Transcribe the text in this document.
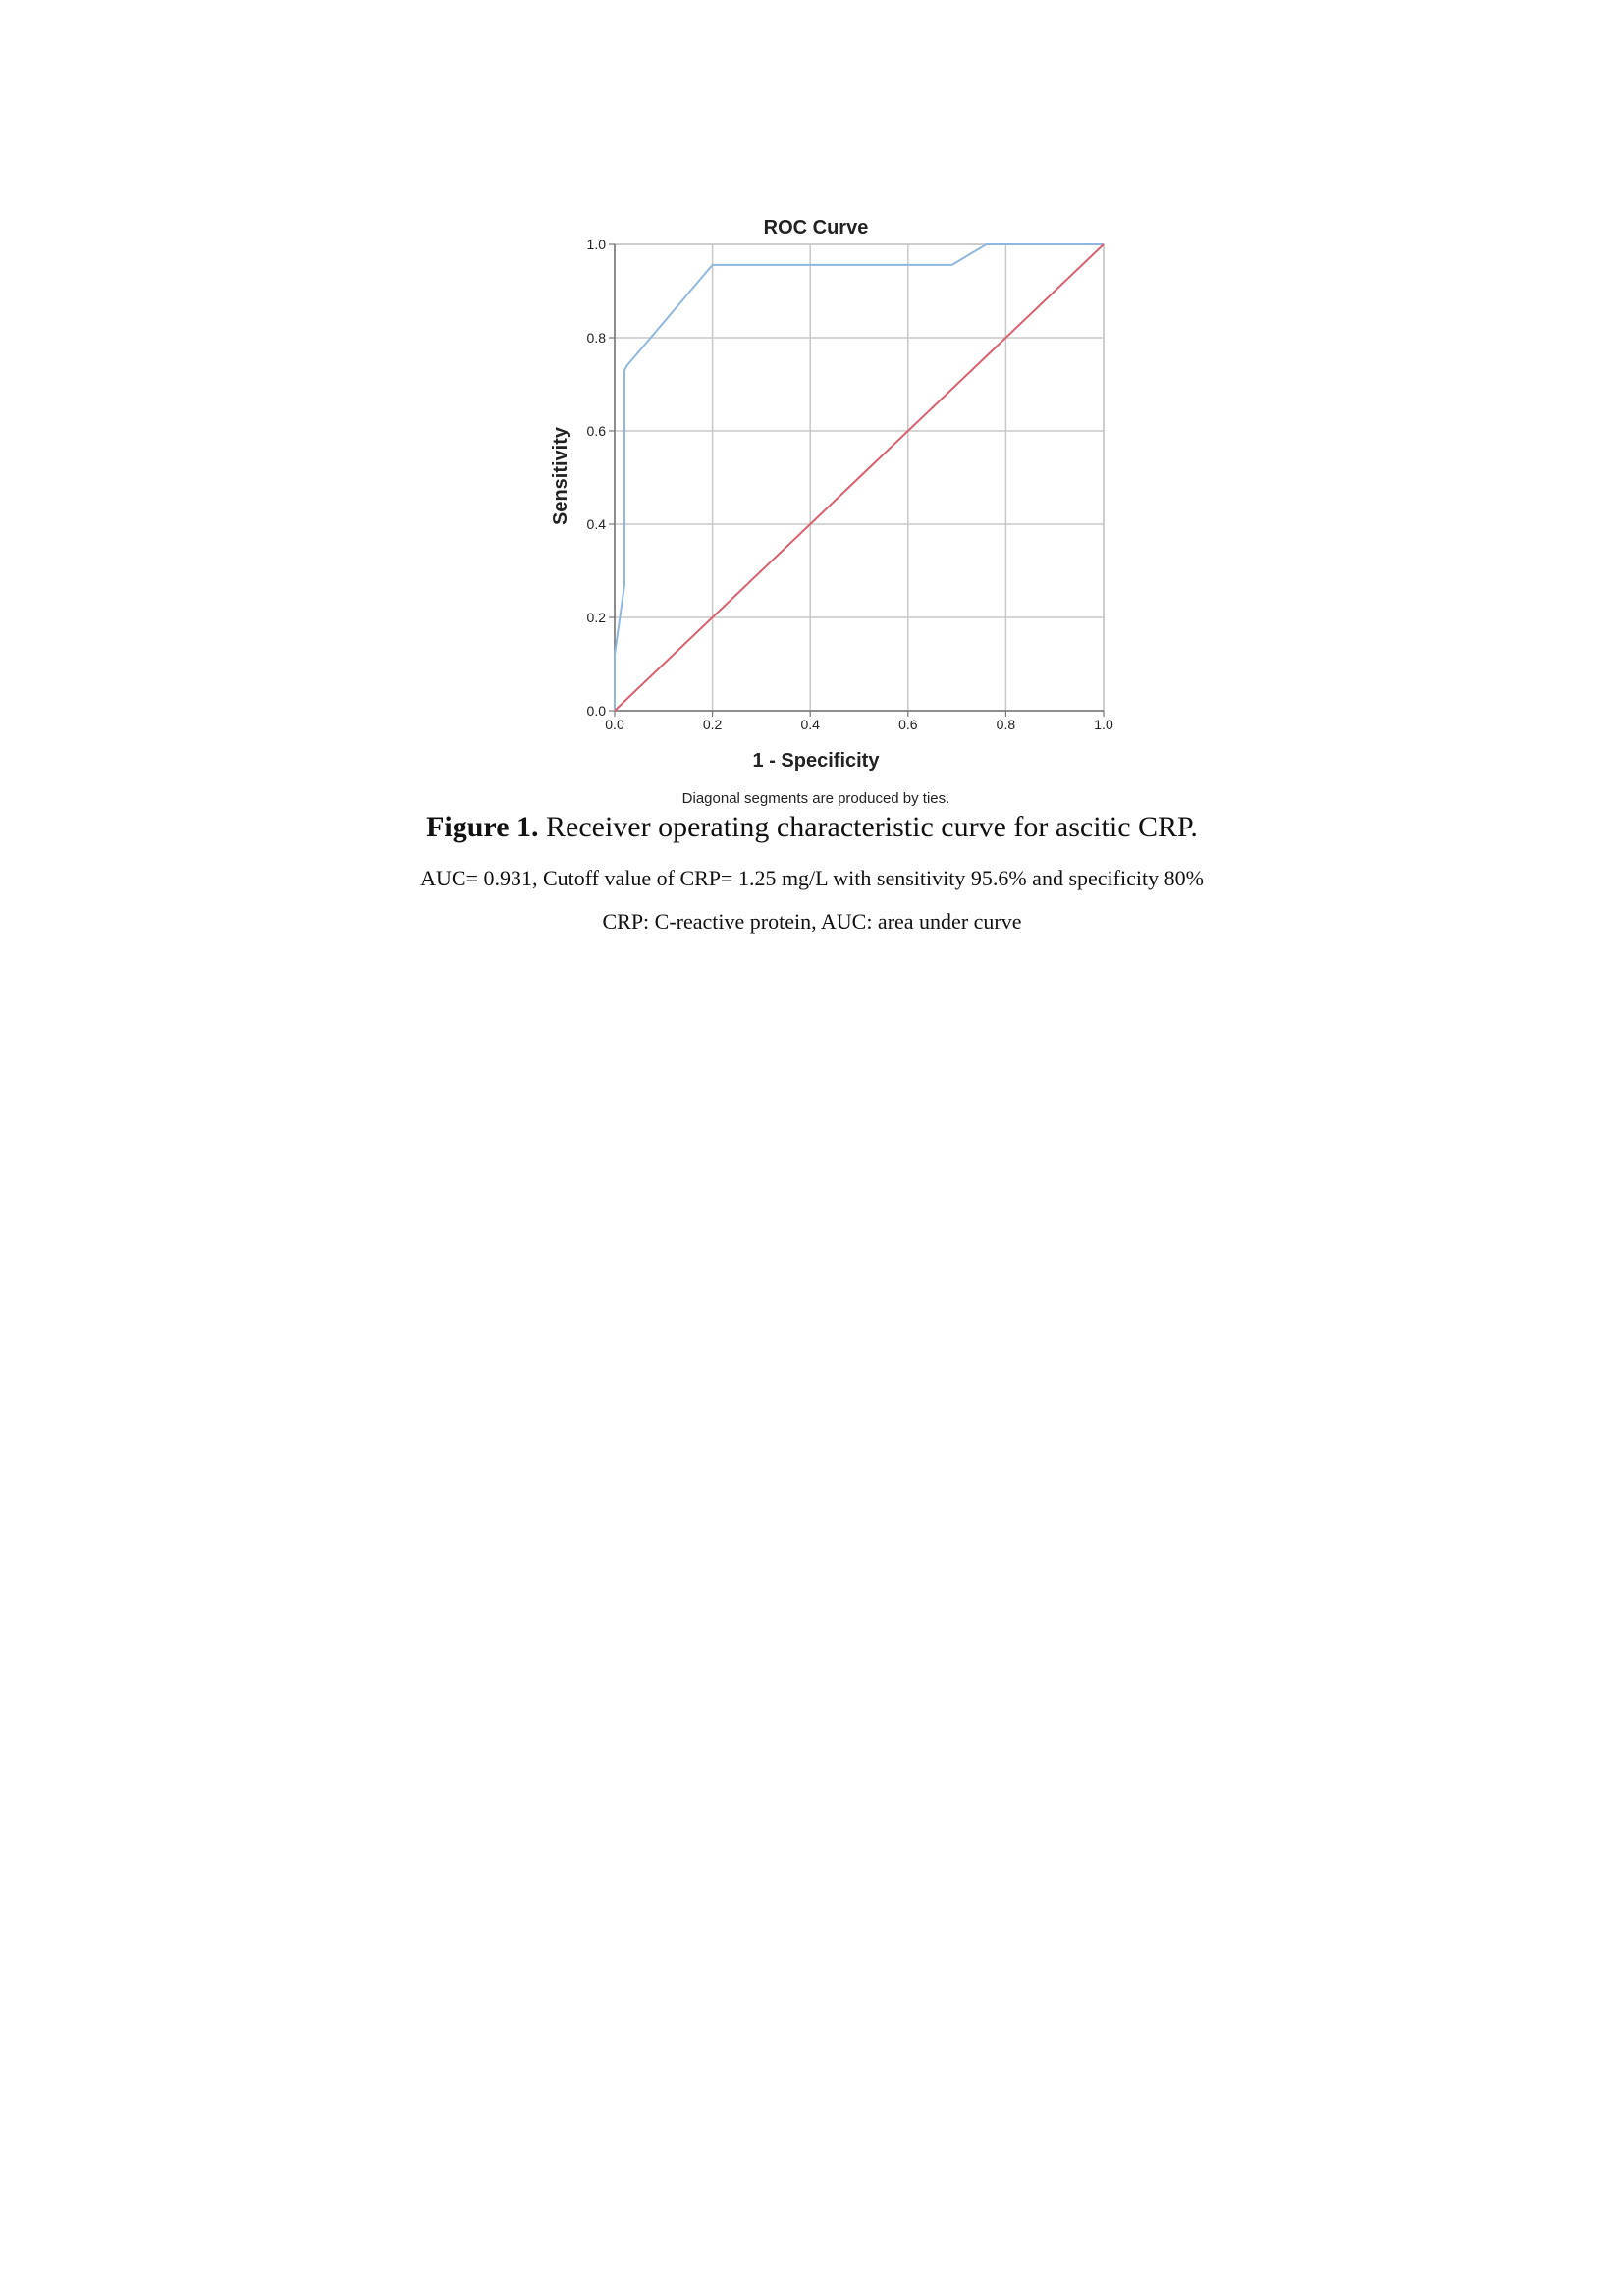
0.0	0.2	0.4	0.6	0.8	1.0
0.0
0.2
0.4
0.6
0.8
1.0
ROC Curve
1 - Specificity
Sensitivity
Diagonal segments are produced by ties.
Figure 1. Receiver operating characteristic curve for ascitic CRP.
AUC= 0.931, Cutoff value of CRP= 1.25 mg/L with sensitivity 95.6% and specificity 80%
CRP: C-reactive protein, AUC: area under curve
